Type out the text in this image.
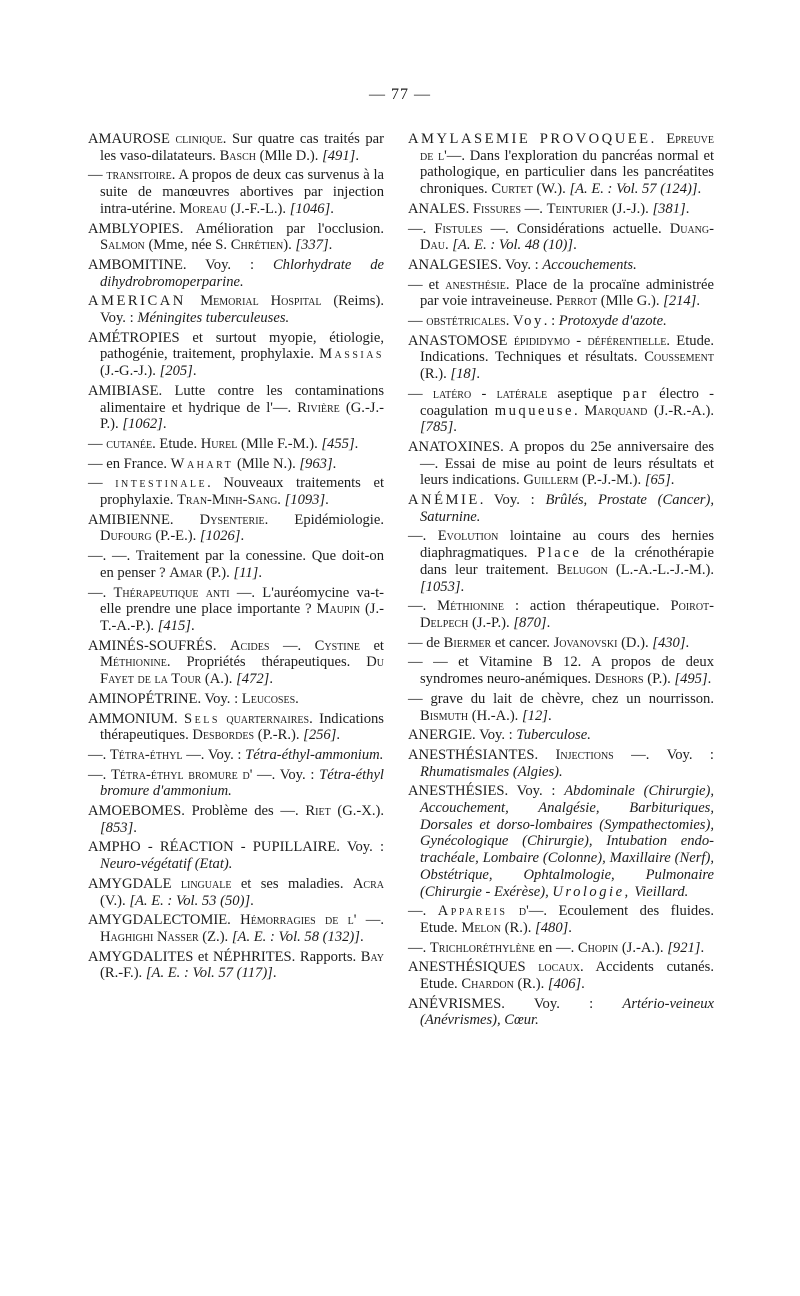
— 77 —
AMAUROSE clinique. Sur quatre cas traités par les vaso-dilatateurs. Basch (Mlle D.). [491].
— transitoire. A propos de deux cas survenus à la suite de manœuvres abortives par injection intra-utérine. Moreau (J.-F.-L.). [1046].
AMBLYOPIES. Amélioration par l'occlusion. Salmon (Mme, née S. Chrétien). [337].
AMBOMITINE. Voy. : Chlorhydrate de dihydrobromoperparine.
AMERICAN Memorial Hospital (Reims). Voy. : Méningites tuberculeuses.
AMÉTROPIES et surtout myopie, étiologie, pathogénie, traitement, prophylaxie. Massias (J.-G.-J.). [205].
AMIBIASE. Lutte contre les contaminations alimentaire et hydrique de l'—. Rivière (G.-J.-P.). [1062].
— cutanée. Etude. Hurel (Mlle F.-M.). [455].
— en France. Wahart (Mlle N.). [963].
— intestinale. Nouveaux traitements et prophylaxie. Tran-Minh-Sang. [1093].
AMIBIENNE. Dysenterie. Epidémiologie. Dufourg (P.-E.). [1026].
—. —. Traitement par la conessine. Que doit-on en penser ? Amar (P.). [11].
—. Thérapeutique anti —. L'auréomycine va-t-elle prendre une place importante ? Maupin (J.-T.-A.-P.). [415].
AMINÉS-SOUFRÉS. Acides —. Cystine et Méthionine. Propriétés thérapeutiques. Du Fayet de la Tour (A.). [472].
AMINOPÉTRINE. Voy. : Leucoses.
AMMONIUM. Sels quarternaires. Indications thérapeutiques. Desbordes (P.-R.). [256].
—. Tétra-éthyl —. Voy. : Tétra-éthyl-ammonium.
—. Tétra-éthyl bromure d' —. Voy. : Tétra-éthyl bromure d'ammonium.
AMOEBOMES. Problème des —. Riet (G.-X.). [853].
AMPHO - RÉACTION - PUPILLAIRE. Voy. : Neuro-végétatif (Etat).
AMYGDALE linguale et ses maladies. Acra (V.). [A. E. : Vol. 53 (50)].
AMYGDALECTOMIE. Hémorragies de l' —. Haghighi Nasser (Z.). [A. E. : Vol. 58 (132)].
AMYGDALITES et NÉPHRITES. Rapports. Bay (R.-F.). [A. E. : Vol. 57 (117)].
AMYLASEMIE PROVOQUEE. Epreuve de l'—. Dans l'exploration du pancréas normal et pathologique, en particulier dans les pancréatites chroniques. Curtet (W.). [A. E. : Vol. 57 (124)].
ANALES. Fissures —. Teinturier (J.-J.). [381].
—. Fistules —. Considérations actuelle. Duang-Dau. [A. E. : Vol. 48 (10)].
ANALGESIES. Voy. : Accouchements.
— et anesthésie. Place de la procaïne administrée par voie intraveineuse. Perrot (Mlle G.). [214].
— obstétricales. Voy. : Protoxyde d'azote.
ANASTOMOSE épididymo - déférentielle. Etude. Indications. Techniques et résultats. Coussement (R.). [18].
— latéro - latérale aseptique par électro - coagulation muqueuse. Marquand (J.-R.-A.). [785].
ANATOXINES. A propos du 25e anniversaire des —. Essai de mise au point de leurs résultats et leurs indications. Guillerm (P.-J.-M.). [65].
ANÉMIE. Voy. : Brûlés, Prostate (Cancer), Saturnine.
—. Evolution lointaine au cours des hernies diaphragmatiques. Place de la crénothérapie dans leur traitement. Belugon (L.-A.-L.-J.-M.). [1053].
—. Méthionine : action thérapeutique. Poirot-Delpech (J.-P.). [870].
— de Biermer et cancer. Jovanovski (D.). [430].
— — et Vitamine B 12. A propos de deux syndromes neuro-anémiques. Deshors (P.). [495].
— grave du lait de chèvre, chez un nourrisson. Bismuth (H.-A.). [12].
ANERGIE. Voy. : Tuberculose.
ANESTHÉSIANTES. Injections —. Voy. : Rhumatismales (Algies).
ANESTHÉSIES. Voy. : Abdominale (Chirurgie), Accouchement, Analgésie, Barbituriques, Dorsales et dorso-lombaires (Sympathectomies), Gynécologique (Chirurgie), Intubation endo-trachéale, Lombaire (Colonne), Maxillaire (Nerf), Obstétrique, Ophtalmologie, Pulmonaire (Chirurgie - Exérèse), Urologie, Vieillard.
—. Appareis d'—. Ecoulement des fluides. Etude. Melon (R.). [480].
—. Trichloréthylène en —. Chopin (J.-A.). [921].
ANESTHÉSIQUES locaux. Accidents cutanés. Etude. Chardon (R.). [406].
ANÉVRISMES. Voy. : Artério-veineux (Anévrismes), Cœur.
